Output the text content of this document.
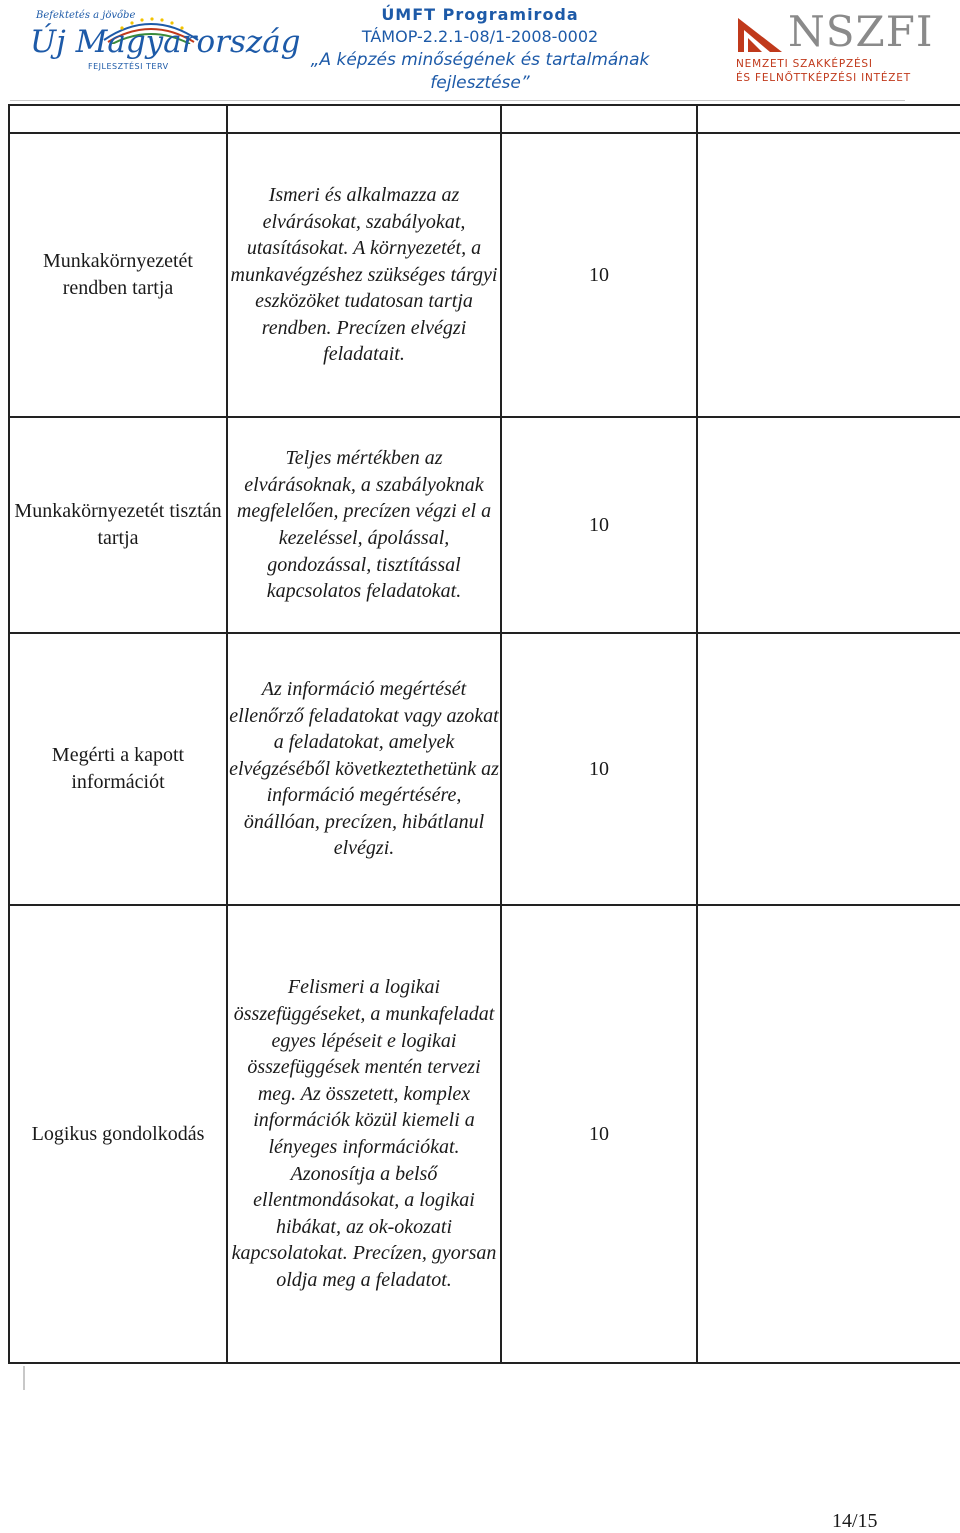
Befektetés a jövőbe
Új Magyarország
FEJLESZTÉSI TERV
ÚMFT Programiroda
TÁMOP-2.2.1-08/1-2008-0002
„A képzés minőségének és tartalmának
fejlesztése”
NSZFI
NEMZETI SZAKKÉPZÉSI
ÉS FELNŐTTKÉPZÉSI INTÉZET

Munkakörnyezetét rendben tartja	Ismeri és alkalmazza az elvárásokat, szabályokat, utasításokat. A környezetét, a munkavégzéshez szükséges tárgyi eszközöket tudatosan tartja rendben. Precízen elvégzi feladatait.	10	
Munkakörnyezetét tisztán tartja	Teljes mértékben az elvárásoknak, a szabályoknak megfelelően, precízen végzi el a kezeléssel, ápolással, gondozással, tisztítással kapcsolatos feladatokat.	10	
Megérti a kapott információt	Az információ megértését ellenőrző feladatokat vagy azokat a feladatokat, amelyek elvégzéséből következtethetünk az információ megértésére, önállóan, precízen, hibátlanul elvégzi.	10	
Logikus gondolkodás	Felismeri a logikai összefüggéseket, a munkafeladat egyes lépéseit e logikai összefüggések mentén tervezi meg. Az összetett, komplex információk közül kiemeli a lényeges információkat. Azonosítja a belső ellentmondásokat, a logikai hibákat, az ok-okozati kapcsolatokat. Precízen, gyorsan oldja meg a feladatot.	10	
14/15
